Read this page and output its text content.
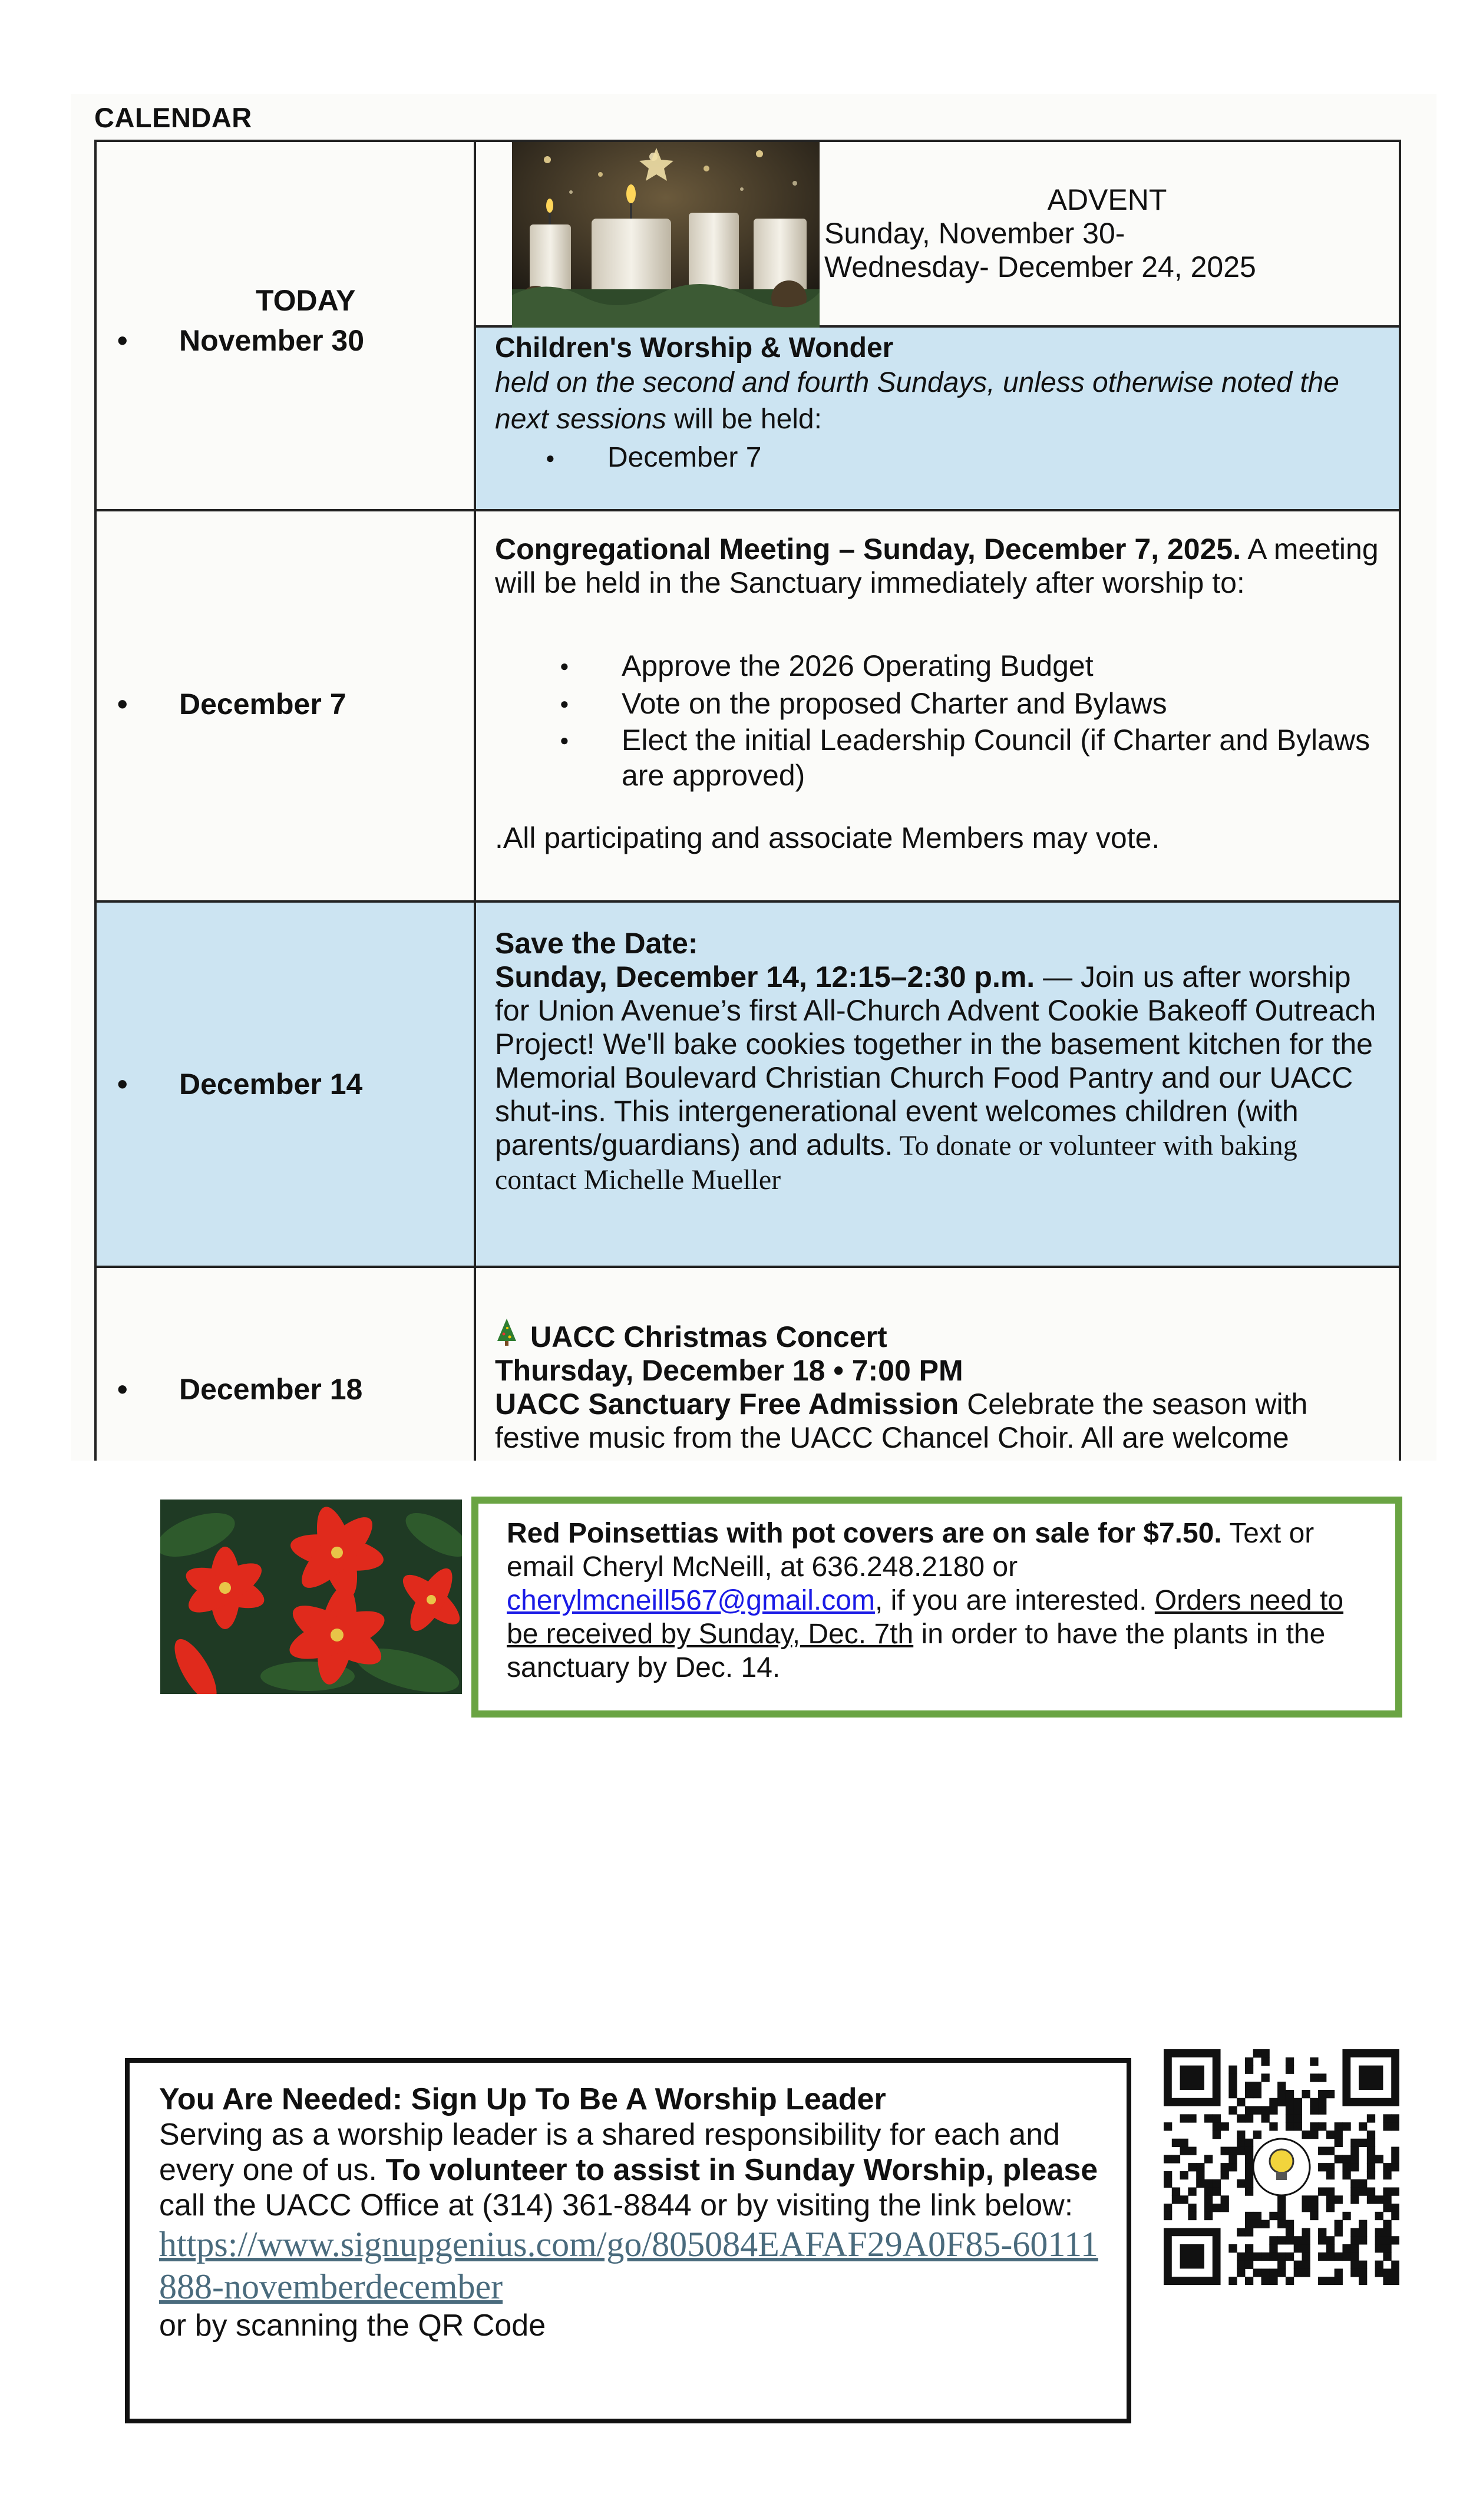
CALENDAR
TODAY
• November 30
ADVENT
Sunday, November 30-
Wednesday- December 24, 2025
Children's Worship & Wonder
held on the second and fourth Sundays, unless otherwise noted the next sessions will be held:
● December 7
• December 7
Congregational Meeting – Sunday, December 7, 2025. A meeting will be held in the Sanctuary immediately after worship to:
● Approve the 2026 Operating Budget
● Vote on the proposed Charter and Bylaws
● Elect the initial Leadership Council (if Charter and Bylaws are approved)
.All participating and associate Members may vote.
• December 14
Save the Date:
Sunday, December 14, 12:15–2:30 p.m. — Join us after worship for Union Avenue’s first All-Church Advent Cookie Bakeoff Outreach Project! We'll bake cookies together in the basement kitchen for the Memorial Boulevard Christian Church Food Pantry and our UACC shut-ins. This intergenerational event welcomes children (with parents/guardians) and adults. To donate or volunteer with baking contact Michelle Mueller
• December 18
UACC Christmas Concert
Thursday, December 18 • 7:00 PM
UACC Sanctuary Free Admission Celebrate the season with festive music from the UACC Chancel Choir. All are welcome
Red Poinsettias with pot covers are on sale for $7.50. Text or email Cheryl McNeill, at 636.248.2180 or cherylmcneill567@gmail.com, if you are interested. Orders need to be received by Sunday, Dec. 7th in order to have the plants in the sanctuary by Dec. 14.
You Are Needed: Sign Up To Be A Worship Leader
Serving as a worship leader is a shared responsibility for each and every one of us. To volunteer to assist in Sunday Worship, please call the UACC Office at (314) 361-8844 or by visiting the link below:
https://www.signupgenius.com/go/805084EAFAF29A0F85-60111888-novemberdecember
or by scanning the QR Code
